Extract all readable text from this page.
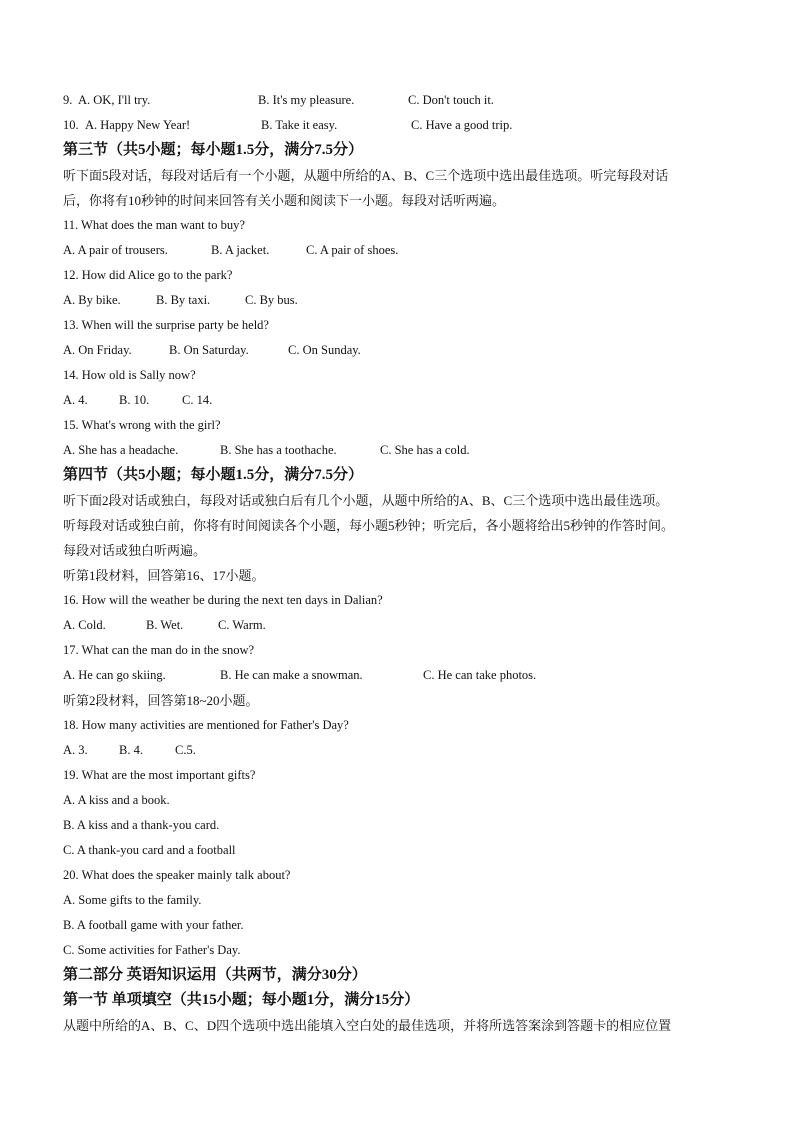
9. A. OK, I'll try.	B. It's my pleasure.	C. Don't touch it.
10. A. Happy New Year!	B. Take it easy.	C. Have a good trip.
第三节（共5小题；每小题1.5分，满分7.5分）
听下面5段对话，每段对话后有一个小题，从题中所给的A、B、C三个选项中选出最佳选项。听完每段对话
后，你将有10秒钟的时间来回答有关小题和阅读下一小题。每段对话听两遍。
11. What does the man want to buy?
A. A pair of trousers.	B. A jacket.	C. A pair of shoes.
12. How did Alice go to the park?
A. By bike.	B. By taxi.	C. By bus.
13. When will the surprise party be held?
A. On Friday.	B. On Saturday.	C. On Sunday.
14. How old is Sally now?
A. 4.	B. 10.	C. 14.
15. What's wrong with the girl?
A. She has a headache.	B. She has a toothache.	C. She has a cold.
第四节（共5小题；每小题1.5分，满分7.5分）
听下面2段对话或独白，每段对话或独白后有几个小题，从题中所给的A、B、C三个选项中选出最佳选项。
听每段对话或独白前，你将有时间阅读各个小题，每小题5秒钟；听完后，各小题将给出5秒钟的作答时间。
每段对话或独白听两遍。
听第1段材料，回答第16、17小题。
16. How will the weather be during the next ten days in Dalian?
A. Cold.	B. Wet.	C. Warm.
17. What can the man do in the snow?
A. He can go skiing.	B. He can make a snowman.	C. He can take photos.
听第2段材料，回答第18~20小题。
18. How many activities are mentioned for Father's Day?
A. 3.	B. 4.	C.5.
19. What are the most important gifts?
A. A kiss and a book.
B. A kiss and a thank-you card.
C. A thank-you card and a football
20. What does the speaker mainly talk about?
A. Some gifts to the family.
B. A football game with your father.
C. Some activities for Father's Day.
第二部分 英语知识运用（共两节，满分30分）
第一节 单项填空（共15小题；每小题1分，满分15分）
从题中所给的A、B、C、D四个选项中选出能填入空白处的最佳选项，并将所选答案涂到答题卡的相应位置
